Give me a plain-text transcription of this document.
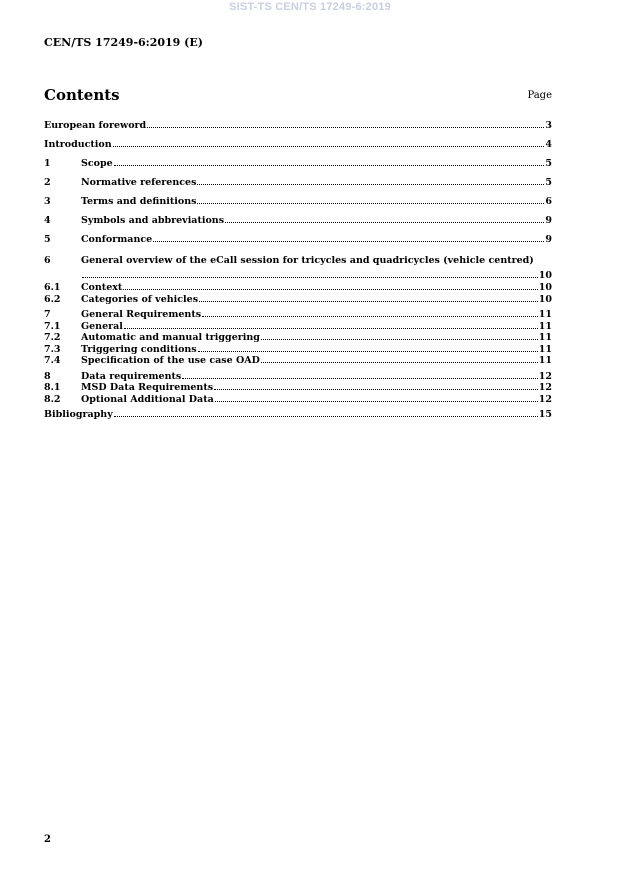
SIST-TS CEN/TS 17249-6:2019
CEN/TS 17249-6:2019 (E)
Contents	Page
European foreword	3
Introduction	4
1	Scope	5
2	Normative references	5
3	Terms and definitions	6
4	Symbols and abbreviations	9
5	Conformance	9
6	General overview of the eCall session for tricycles and quadricycles (vehicle centred)
10
6.1	Context	10
6.2	Categories of vehicles	10
7	General Requirements	11
7.1	General	11
7.2	Automatic and manual triggering	11
7.3	Triggering conditions	11
7.4	Specification of the use case OAD	11
8	Data requirements	12
8.1	MSD Data Requirements	12
8.2	Optional Additional Data	12
Bibliography	15
2
